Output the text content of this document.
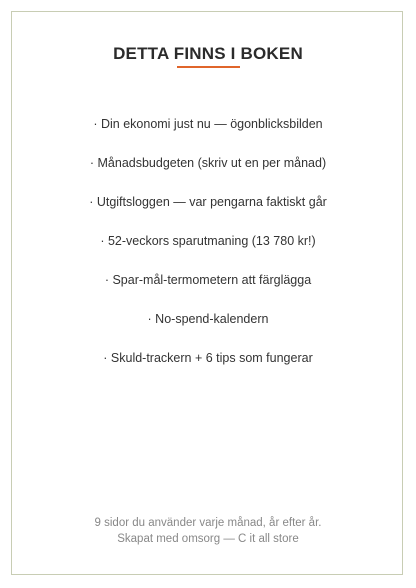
DETTA FINNS I BOKEN
· Din ekonomi just nu — ögonblicksbilden
· Månadsbudgeten (skriv ut en per månad)
· Utgiftsloggen — var pengarna faktiskt går
· 52-veckors sparutmaning (13 780 kr!)
· Spar-mål-termometern att färglägga
· No-spend-kalendern
· Skuld-trackern + 6 tips som fungerar
9 sidor du använder varje månad, år efter år.
Skapat med omsorg — C it all store
